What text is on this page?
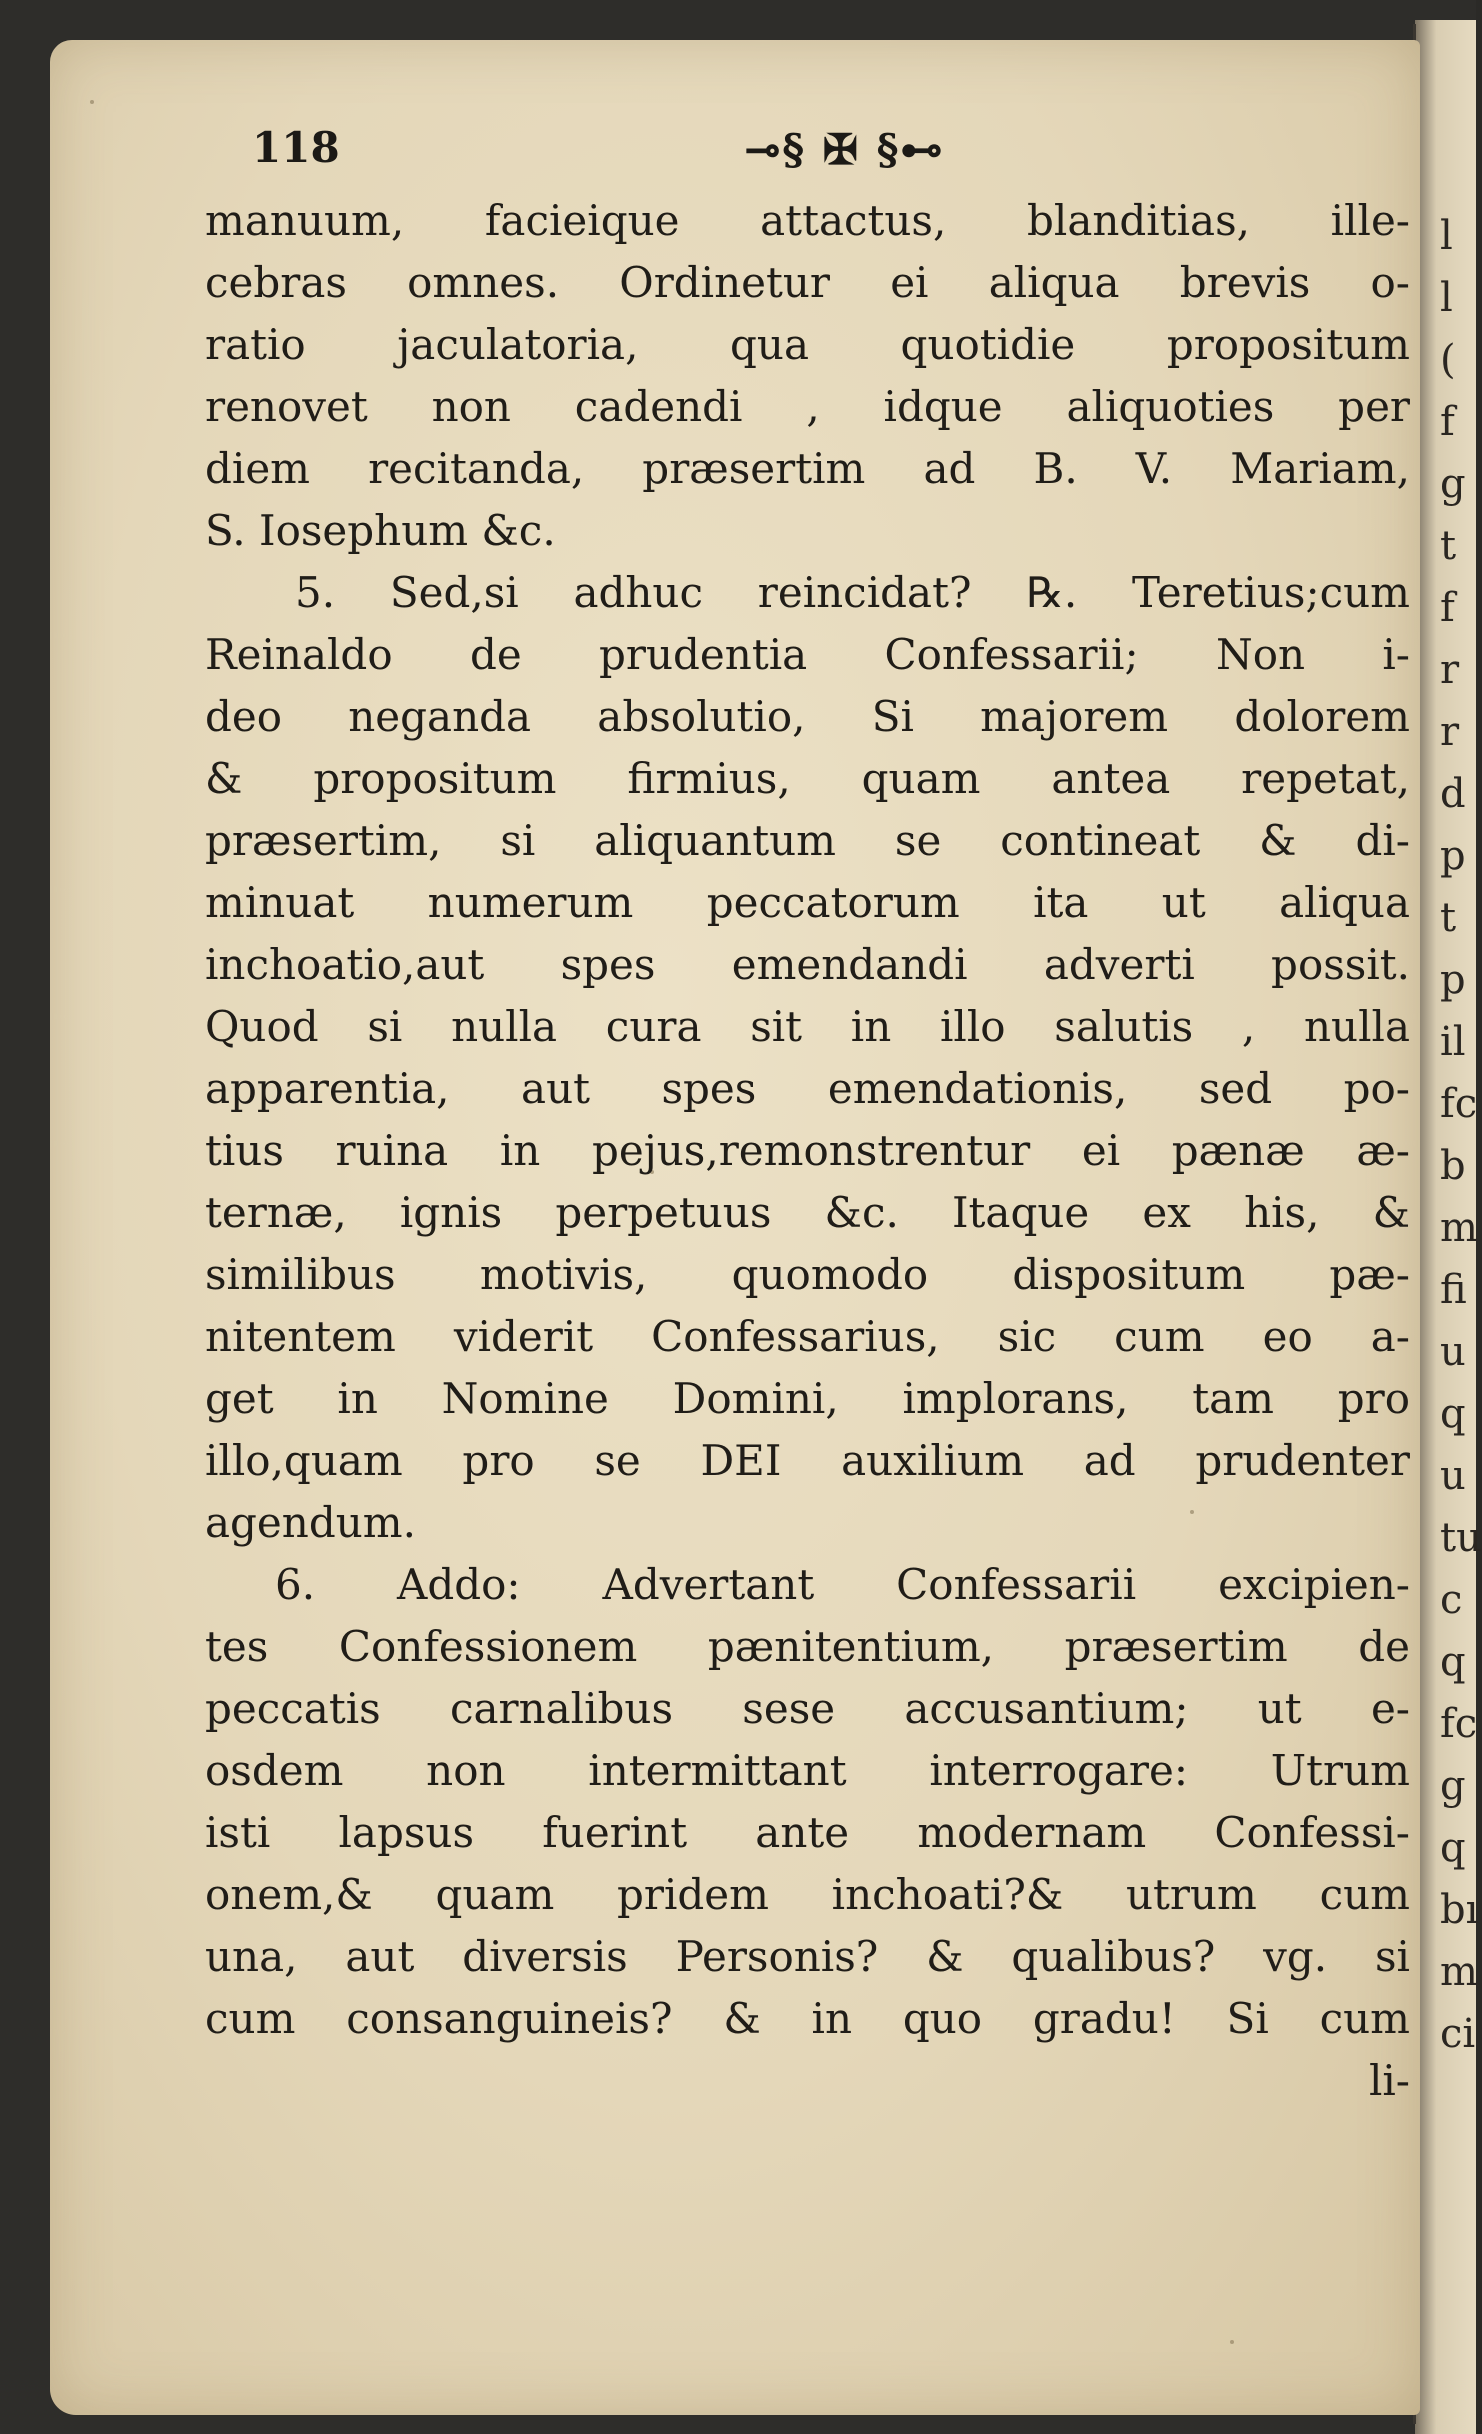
l
l
(
f
g
t
f
r
r
d
p
t
p
il
fc
b
m
fi
u
q
u
tu
c
q
fc
g
q
bı
m
ci
118	⊸§ ✠ §⊷
manuum, facieique attactus, blanditias, ille-
cebras omnes. Ordinetur ei aliqua brevis o-
ratio jaculatoria, qua quotidie propositum
renovet non cadendi , idque aliquoties per
diem recitanda, præsertim ad B. V. Mariam,
S. Iosephum &c.
5. Sed,si adhuc reincidat? ℞. Teretius;cum
Reinaldo de prudentia Confessarii; Non i-
deo neganda absolutio, Si majorem dolorem
& propositum firmius, quam antea repetat,
præsertim, si aliquantum se contineat & di-
minuat numerum peccatorum ita ut aliqua
inchoatio,aut spes emendandi adverti possit.
Quod si nulla cura sit in illo salutis , nulla
apparentia, aut spes emendationis, sed po-
tius ruina in pejus,remonstrentur ei pænæ æ-
ternæ, ignis perpetuus &c. Itaque ex his, &
similibus motivis, quomodo dispositum pæ-
nitentem viderit Confessarius, sic cum eo a-
get in Nomine Domini, implorans, tam pro
illo,quam pro se DEI auxilium ad prudenter
agendum.
6. Addo: Advertant Confessarii excipien-
tes Confessionem pænitentium, præsertim de
peccatis carnalibus sese accusantium; ut e-
osdem non intermittant interrogare: Utrum
isti lapsus fuerint ante modernam Confessi-
onem,& quam pridem inchoati?& utrum cum
una, aut diversis Personis? & qualibus? vg. si
cum consanguineis? & in quo gradu! Si cum
li-
